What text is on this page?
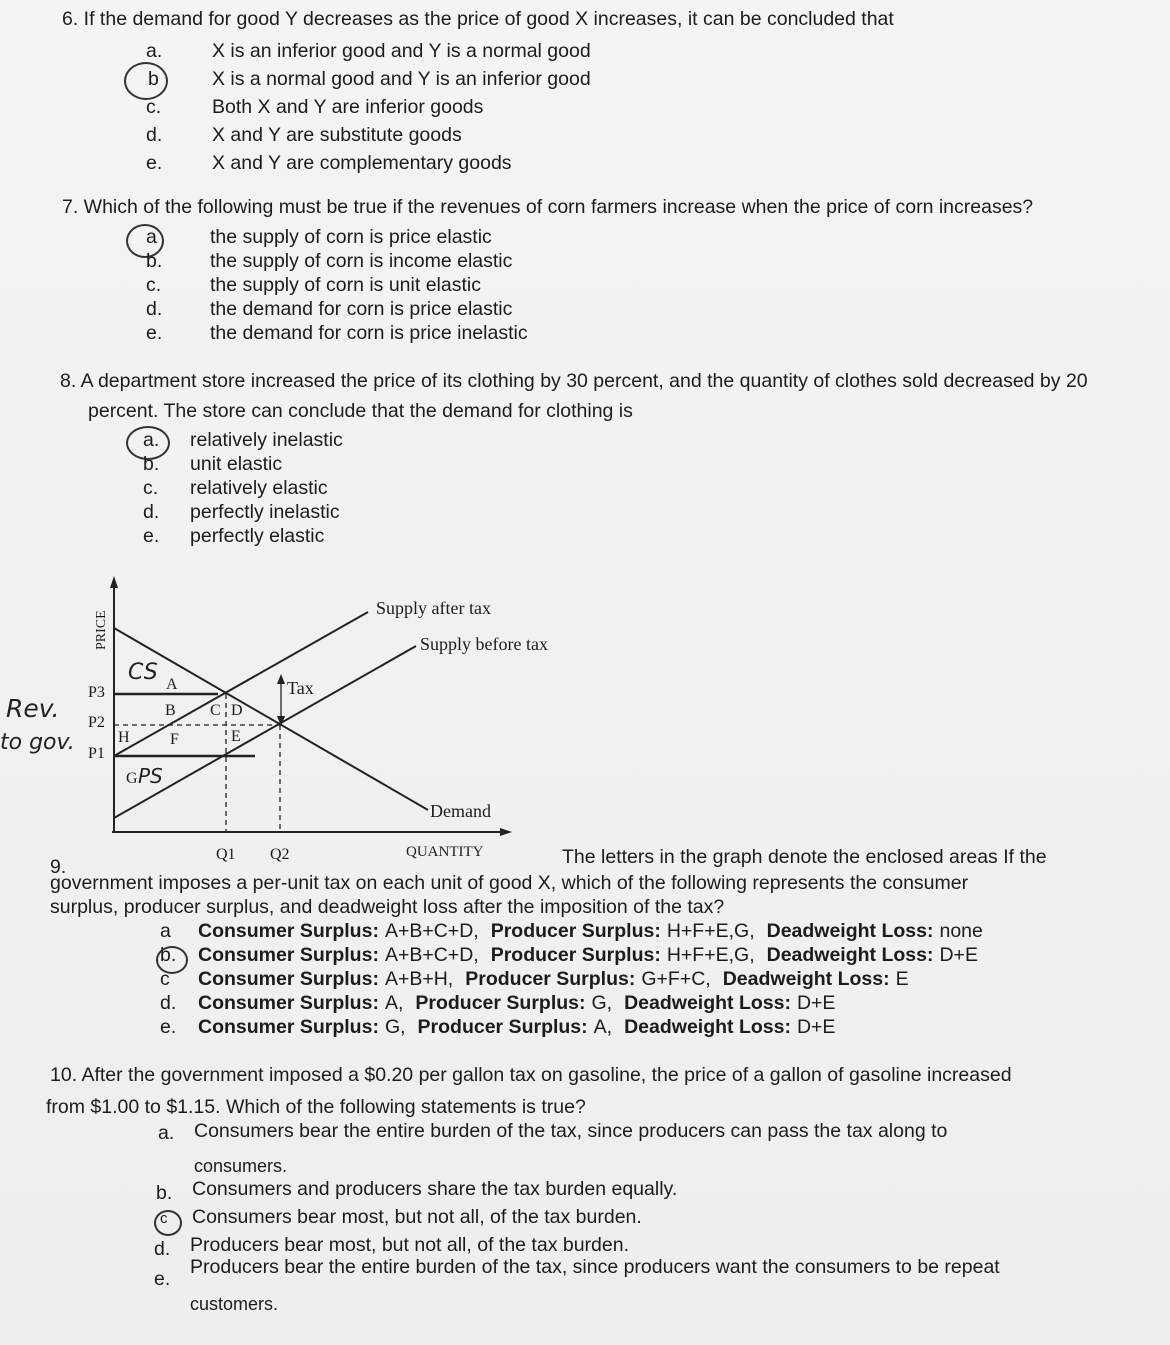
6. If the demand for good Y decreases as the price of good X increases, it can be concluded that
a.	X is an inferior good and Y is a normal good
b	X is a normal good and Y is an inferior good
c.	Both X and Y are inferior goods
d.	X and Y are substitute goods
e.	X and Y are complementary goods
7. Which of the following must be true if the revenues of corn farmers increase when the price of corn increases?
a	the supply of corn is price elastic
b. the supply of corn is income elastic
c.	the supply of corn is unit elastic
d. the demand for corn is price elastic
e. the demand for corn is price inelastic
8. A department store increased the price of its clothing by 30 percent, and the quantity of clothes sold decreased by 20
percent. The store can conclude that the demand for clothing is
a. relatively inelastic
b. unit elastic
c. relatively elastic
d. perfectly inelastic
e. perfectly elastic
PRICE
QUANTITY
Supply after tax
Supply before tax
Demand
Tax
P3
P2
P1
Q1 Q2
A
B C D
E
F
G
H
CS
PS
Rev.
to gov.
9.	The letters in the graph denote the enclosed areas If the
government imposes a per-unit tax on each unit of good X, which of the following represents the consumer
surplus, producer surplus, and deadweight loss after the imposition of the tax?
a Consumer Surplus: A+B+C+D, Producer Surplus: H+F+E,G, Deadweight Loss: none
b. Consumer Surplus: A+B+C+D, Producer Surplus: H+F+E,G, Deadweight Loss: D+E
c Consumer Surplus: A+B+H, Producer Surplus: G+F+C, Deadweight Loss: E
d. Consumer Surplus: A, Producer Surplus: G, Deadweight Loss: D+E
e. Consumer Surplus: G, Producer Surplus: A, Deadweight Loss: D+E
10. After the government imposed a $0.20 per gallon tax on gasoline, the price of a gallon of gasoline increased
from $1.00 to $1.15. Which of the following statements is true?
a. Consumers bear the entire burden of the tax, since producers can pass the tax along to
consumers.
b. Consumers and producers share the tax burden equally.
c Consumers bear most, but not all, of the tax burden.
d. Producers bear most, but not all, of the tax burden.
e.
Producers bear the entire burden of the tax, since producers want the consumers to be repeat
customers.
